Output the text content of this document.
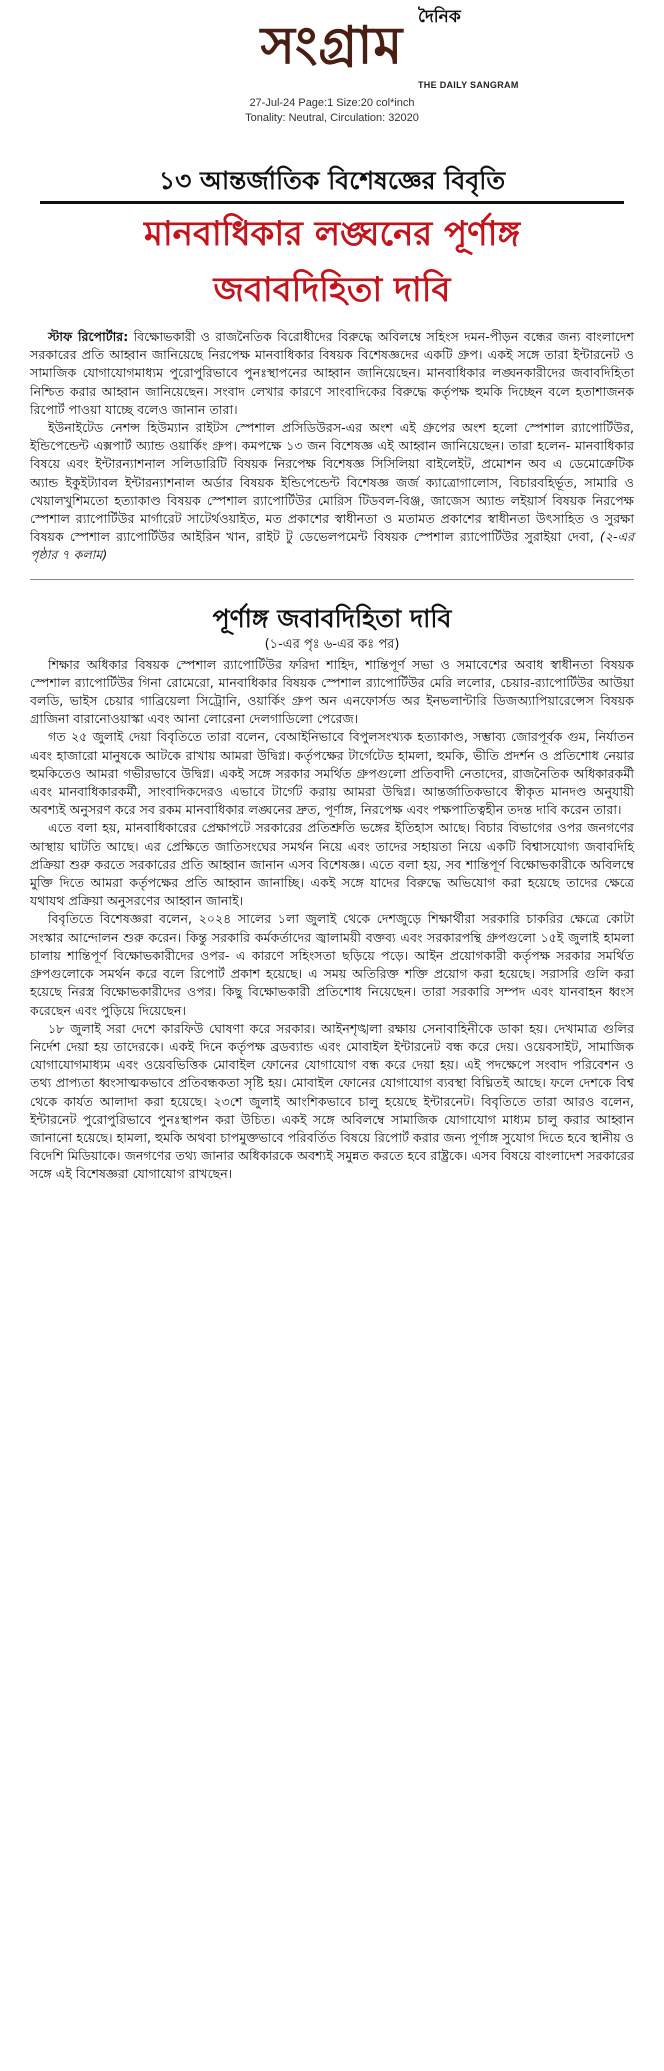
দৈনিক
সংগ্রাম
THE DAILY SANGRAM
27-Jul-24 Page:1 Size:20 col*inch
Tonality: Neutral, Circulation: 32020
১৩ আন্তর্জাতিক বিশেষজ্ঞের বিবৃতি
মানবাধিকার লঙ্ঘনের পূর্ণাঙ্গ
জবাবদিহিতা দাবি

স্টাফ রিপোর্টার: বিক্ষোভকারী ও রাজনৈতিক বিরোধীদের বিরুদ্ধে অবিলম্বে সহিংস দমন-পীড়ন বন্ধের জন্য বাংলাদেশ সরকারের প্রতি আহ্বান জানিয়েছে নিরপেক্ষ মানবাধিকার বিষয়ক বিশেষজ্ঞদের একটি গ্রুপ। একই সঙ্গে তারা ইন্টারনেট ও সামাজিক যোগাযোগমাধ্যম পুরোপুরিভাবে পুনঃস্থাপনের আহ্বান জানিয়েছেন। মানবাধিকার লঙ্ঘনকারীদের জবাবদিহিতা নিশ্চিত করার আহ্বান জানিয়েছেন। সংবাদ লেখার কারণে সাংবাদিকের বিরুদ্ধে কর্তৃপক্ষ হুমকি দিচ্ছেন বলে হতাশাজনক রিপোর্ট পাওয়া যাচ্ছে বলেও জানান তারা।

ইউনাইটেড নেশন্স হিউম্যান রাইটস স্পেশাল প্রসিডিউরস-এর অংশ এই গ্রুপের অংশ হলো স্পেশাল র‍্যাপোর্টিউর, ইন্ডিপেন্ডেন্ট এক্সপার্ট অ্যান্ড ওয়ার্কিং গ্রুপ। কমপক্ষে ১৩ জন বিশেষজ্ঞ এই আহ্বান জানিয়েছেন। তারা হলেন- মানবাধিকার বিষয়ে এবং ইন্টারন্যাশনাল সলিডারিটি বিষয়ক নিরপেক্ষ বিশেষজ্ঞ সিসিলিয়া বাইলেইট, প্রমোশন অব এ ডেমোক্রেটিক অ্যান্ড ইকুইট্যাবল ইন্টারন্যাশনাল অর্ডার বিষয়ক ইন্ডিপেন্ডেন্ট বিশেষজ্ঞ জর্জ ক্যাত্রোগালোস, বিচারবহির্ভূত, সামারি ও খেয়ালখুশিমতো হত্যাকাণ্ড বিষয়ক স্পেশাল র‍্যাপোর্টিউর মোরিস টিডবল-বিঞ্জ, জাজেস অ্যান্ড লইয়ার্স বিষয়ক নিরপেক্ষ স্পেশাল র‍্যাপোর্টিউর মার্গারেট সাটের্থওয়াইত, মত প্রকাশের স্বাধীনতা ও মতামত প্রকাশের স্বাধীনতা উৎসাহিত ও সুরক্ষা বিষয়ক স্পেশাল র‍্যাপোর্টিউর আইরিন খান, রাইট টু ডেভেলপমেন্ট বিষয়ক স্পেশাল র‍্যাপোর্টিউর সুরাইয়া দেবা, (২-এর পৃষ্ঠার ৭ কলাম)

পূর্ণাঙ্গ জবাবদিহিতা দাবি
(১-এর পৃঃ ৬-এর কঃ পর)

শিক্ষার অধিকার বিষয়ক স্পেশাল র‍্যাপোর্টিউর ফরিদা শাহিদ, শান্তিপূর্ণ সভা ও সমাবেশের অবাধ স্বাধীনতা বিষয়ক স্পেশাল র‍্যাপোর্টিউর গিনা রোমেরো, মানবাধিকার বিষয়ক স্পেশাল র‍্যাপোর্টিউর মেরি ললোর, চেয়ার-র‍্যাপোর্টিউর আউয়া বলডি, ভাইস চেয়ার গাব্রিয়েলা সিট্রোনি, ওয়ার্কিং গ্রুপ অন এনফোর্সড অর ইনভলান্টারি ডিজঅ্যাপিয়ারেন্সেস বিষয়ক গ্রাজিনা বারানোওয়াস্কা এবং আনা লোরেনা দেলগাডিলো পেরেজ।

গত ২৫ জুলাই দেয়া বিবৃতিতে তারা বলেন, বেআইনিভাবে বিপুলসংখ্যক হত্যাকাণ্ড, সম্ভাব্য জোরপূর্বক গুম, নির্যাতন এবং হাজারো মানুষকে আটকে রাখায় আমরা উদ্বিগ্ন। কর্তৃপক্ষের টার্গেটেড হামলা, হুমকি, ভীতি প্রদর্শন ও প্রতিশোধ নেয়ার হুমকিতেও আমরা গভীরভাবে উদ্বিগ্ন। একই সঙ্গে সরকার সমর্থিত গ্রুপগুলো প্রতিবাদী নেতাদের, রাজনৈতিক অধিকারকর্মী এবং মানবাধিকারকর্মী, সাংবাদিকদেরও এভাবে টার্গেট করায় আমরা উদ্বিগ্ন। আন্তর্জাতিকভাবে স্বীকৃত মানদণ্ড অনুযায়ী অবশ্যই অনুসরণ করে সব রকম মানবাধিকার লঙ্ঘনের দ্রুত, পূর্ণাঙ্গ, নিরপেক্ষ এবং পক্ষপাতিত্বহীন তদন্ত দাবি করেন তারা।

এতে বলা হয়, মানবাধিকারের প্রেক্ষাপটে সরকারের প্রতিশ্রুতি ভঙ্গের ইতিহাস আছে। বিচার বিভাগের ওপর জনগণের আস্থায় ঘাটতি আছে। এর প্রেক্ষিতে জাতিসংঘের সমর্থন নিয়ে এবং তাদের সহায়তা নিয়ে একটি বিশ্বাসযোগ্য জবাবদিহি প্রক্রিয়া শুরু করতে সরকারের প্রতি আহ্বান জানান এসব বিশেষজ্ঞ। এতে বলা হয়, সব শান্তিপূর্ণ বিক্ষোভকারীকে অবিলম্বে মুক্তি দিতে আমরা কর্তৃপক্ষের প্রতি আহ্বান জানাচ্ছি। একই সঙ্গে যাদের বিরুদ্ধে অভিযোগ করা হয়েছে তাদের ক্ষেত্রে যথাযথ প্রক্রিয়া অনুসরণের আহ্বান জানাই।

বিবৃতিতে বিশেষজ্ঞরা বলেন, ২০২৪ সালের ১লা জুলাই থেকে দেশজুড়ে শিক্ষার্থীরা সরকারি চাকরির ক্ষেত্রে কোটা সংস্কার আন্দোলন শুরু করেন। কিন্তু সরকারি কর্মকর্তাদের জ্বালাময়ী বক্তব্য এবং সরকারপন্থি গ্রুপগুলো ১৫ই জুলাই হামলা চালায় শান্তিপূর্ণ বিক্ষোভকারীদের ওপর- এ কারণে সহিংসতা ছড়িয়ে পড়ে। আইন প্রয়োগকারী কর্তৃপক্ষ সরকার সমর্থিত গ্রুপগুলোকে সমর্থন করে বলে রিপোর্ট প্রকাশ হয়েছে। এ সময় অতিরিক্ত শক্তি প্রয়োগ করা হয়েছে। সরাসরি গুলি করা হয়েছে নিরস্ত্র বিক্ষোভকারীদের ওপর। কিছু বিক্ষোভকারী প্রতিশোধ নিয়েছেন। তারা সরকারি সম্পদ এবং যানবাহন ধ্বংস করেছেন এবং পুড়িয়ে দিয়েছেন।

১৮ জুলাই সরা দেশে কারফিউ ঘোষণা করে সরকার। আইনশৃঙ্খলা রক্ষায় সেনাবাহিনীকে ডাকা হয়। দেখামাত্র গুলির নির্দেশ দেয়া হয় তাদেরকে। একই দিনে কর্তৃপক্ষ ব্রডব্যান্ড এবং মোবাইল ইন্টারনেট বন্ধ করে দেয়। ওয়েবসাইট, সামাজিক যোগাযোগমাধ্যম এবং ওয়েবভিত্তিক মোবাইল ফোনের যোগাযোগ বন্ধ করে দেয়া হয়। এই পদক্ষেপে সংবাদ পরিবেশন ও তথ্য প্রাপ্যতা ধ্বংসাত্মকভাবে প্রতিবন্ধকতা সৃষ্টি হয়। মোবাইল ফোনের যোগাযোগ ব্যবস্থা বিঘ্নিতই আছে। ফলে দেশকে বিশ্ব থেকে কার্যত আলাদা করা হয়েছে। ২৩শে জুলাই আংশিকভাবে চালু হয়েছে ইন্টারনেট। বিবৃতিতে তারা আরও বলেন, ইন্টারনেট পুরোপুরিভাবে পুনঃস্থাপন করা উচিত। একই সঙ্গে অবিলম্বে সামাজিক যোগাযোগ মাধ্যম চালু করার আহ্বান জানানো হয়েছে। হামলা, হুমকি অথবা চাপমুক্তভাবে পরিবর্তিত বিষয়ে রিপোর্ট করার জন্য পূর্ণাঙ্গ সুযোগ দিতে হবে স্থানীয় ও বিদেশি মিডিয়াকে। জনগণের তথ্য জানার অধিকারকে অবশ্যই সমুন্নত করতে হবে রাষ্ট্রকে। এসব বিষয়ে বাংলাদেশ সরকারের সঙ্গে এই বিশেষজ্ঞরা যোগাযোগ রাখছেন।
